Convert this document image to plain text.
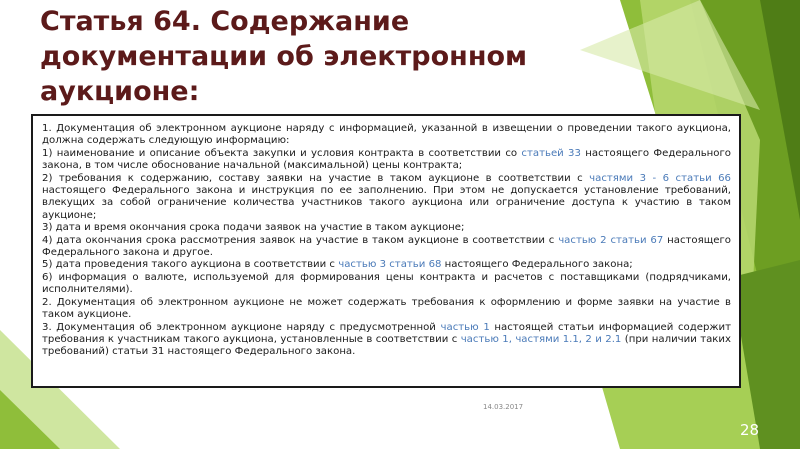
Статья 64. Содержание документации об электронном аукционе:

1. Документация об электронном аукционе наряду с информацией, указанной в извещении о проведении такого аукциона, должна содержать следующую информацию:

1) наименование и описание объекта закупки и условия контракта в соответствии со статьей 33 настоящего Федерального закона, в том числе обоснование начальной (максимальной) цены контракта;

2) требования к содержанию, составу заявки на участие в таком аукционе в соответствии с частями 3 - 6 статьи 66 настоящего Федерального закона и инструкция по ее заполнению. При этом не допускается установление требований, влекущих за собой ограничение количества участников такого аукциона или ограничение доступа к участию в таком аукционе;

3) дата и время окончания срока подачи заявок на участие в таком аукционе;

4) дата окончания срока рассмотрения заявок на участие в таком аукционе в соответствии с частью 2 статьи 67 настоящего Федерального закона и другое.

5) дата проведения такого аукциона в соответствии с частью 3 статьи 68 настоящего Федерального закона;

6) информация о валюте, используемой для формирования цены контракта и расчетов с поставщиками (подрядчиками, исполнителями).

2. Документация об электронном аукционе не может содержать требования к оформлению и форме заявки на участие в таком аукционе.

3. Документация об электронном аукционе наряду с предусмотренной частью 1 настоящей статьи информацией содержит требования к участникам такого аукциона, установленные в соответствии с частью 1, частями 1.1, 2 и 2.1 (при наличии таких требований) статьи 31 настоящего Федерального закона.

14.03.2017
28
